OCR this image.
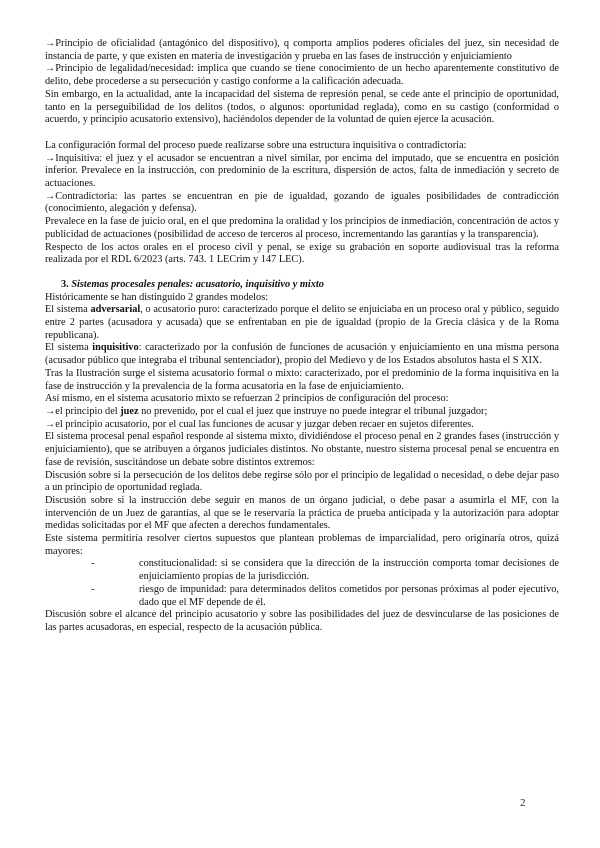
→Principio de oficialidad (antagónico del dispositivo), q comporta amplios poderes oficiales del juez, sin necesidad de instancia de parte, y que existen en materia de investigación y prueba en las fases de instrucción y enjuiciamiento

→Principio de legalidad/necesidad: implica que cuando se tiene conocimiento de un hecho aparentemente constitutivo de delito, debe procederse a su persecución y castigo conforme a la calificación adecuada.

Sin embargo, en la actualidad, ante la incapacidad del sistema de represión penal, se cede ante el principio de oportunidad, tanto en la perseguibilidad de los delitos (todos, o algunos: oportunidad reglada), como en su castigo (conformidad o acuerdo, y principio acusatorio extensivo), haciéndolos depender de la voluntad de quien ejerce la acusación.

La configuración formal del proceso puede realizarse sobre una estructura inquisitiva o contradictoria:

→Inquisitiva: el juez y el acusador se encuentran a nivel similar, por encima del imputado, que se encuentra en posición inferior. Prevalece en la instrucción, con predominio de la escritura, dispersión de actos, falta de inmediación y secreto de actuaciones.

→Contradictoria: las partes se encuentran en pie de igualdad, gozando de iguales posibilidades de contradicción (conocimiento, alegación y defensa).

Prevalece en la fase de juicio oral, en el que predomina la oralidad y los principios de inmediación, concentración de actos y publicidad de actuaciones (posibilidad de acceso de terceros al proceso, incrementando las garantías y la transparencia).

Respecto de los actos orales en el proceso civil y penal, se exige su grabación en soporte audiovisual tras la reforma realizada por el RDL 6/2023 (arts. 743. 1 LECrim y 147 LEC).

3. Sistemas procesales penales: acusatorio, inquisitivo y mixto

Históricamente se han distinguido 2 grandes modelos:

El sistema adversarial, o acusatorio puro: caracterizado porque el delito se enjuiciaba en un proceso oral y público, seguido entre 2 partes (acusadora y acusada) que se enfrentaban en pie de igualdad (propio de la Grecia clásica y de la Roma republicana).

El sistema inquisitivo: caracterizado por la confusión de funciones de acusación y enjuiciamiento en una misma persona (acusador público que integraba el tribunal sentenciador), propio del Medievo y de los Estados absolutos hasta el S XIX.

Tras la Ilustración surge el sistema acusatorio formal o mixto: caracterizado, por el predominio de la forma inquisitiva en la fase de instrucción y la prevalencia de la forma acusatoria en la fase de enjuiciamiento.

Así mismo, en el sistema acusatorio mixto se refuerzan 2 principios de configuración del proceso:

→el principio del juez no prevenido, por el cual el juez que instruye no puede integrar el tribunal juzgador;

→el principio acusatorio, por el cual las funciones de acusar y juzgar deben recaer en sujetos diferentes.

El sistema procesal penal español responde al sistema mixto, dividiéndose el proceso penal en 2 grandes fases (instrucción y enjuiciamiento), que se atribuyen a órganos judiciales distintos. No obstante, nuestro sistema procesal penal se encuentra en fase de revisión, suscitándose un debate sobre distintos extremos:

Discusión sobre si la persecución de los delitos debe regirse sólo por el principio de legalidad o necesidad, o debe dejar paso a un principio de oportunidad reglada.

Discusión sobre si la instrucción debe seguir en manos de un órgano judicial, o debe pasar a asumirla el MF, con la intervención de un Juez de garantías, al que se le reservaría la práctica de prueba anticipada y la autorización para adoptar medidas solicitadas por el MF que afecten a derechos fundamentales.

Este sistema permitiría resolver ciertos supuestos que plantean problemas de imparcialidad, pero originaría otros, quizá mayores:

-	constitucionalidad: si se considera que la dirección de la instrucción comporta tomar decisiones de enjuiciamiento propias de la jurisdicción.
-	riesgo de impunidad: para determinados delitos cometidos por personas próximas al poder ejecutivo, dado que el MF depende de él.

Discusión sobre el alcance del principio acusatorio y sobre las posibilidades del juez de desvincularse de las posiciones de las partes acusadoras, en especial, respecto de la acusación pública.

2
